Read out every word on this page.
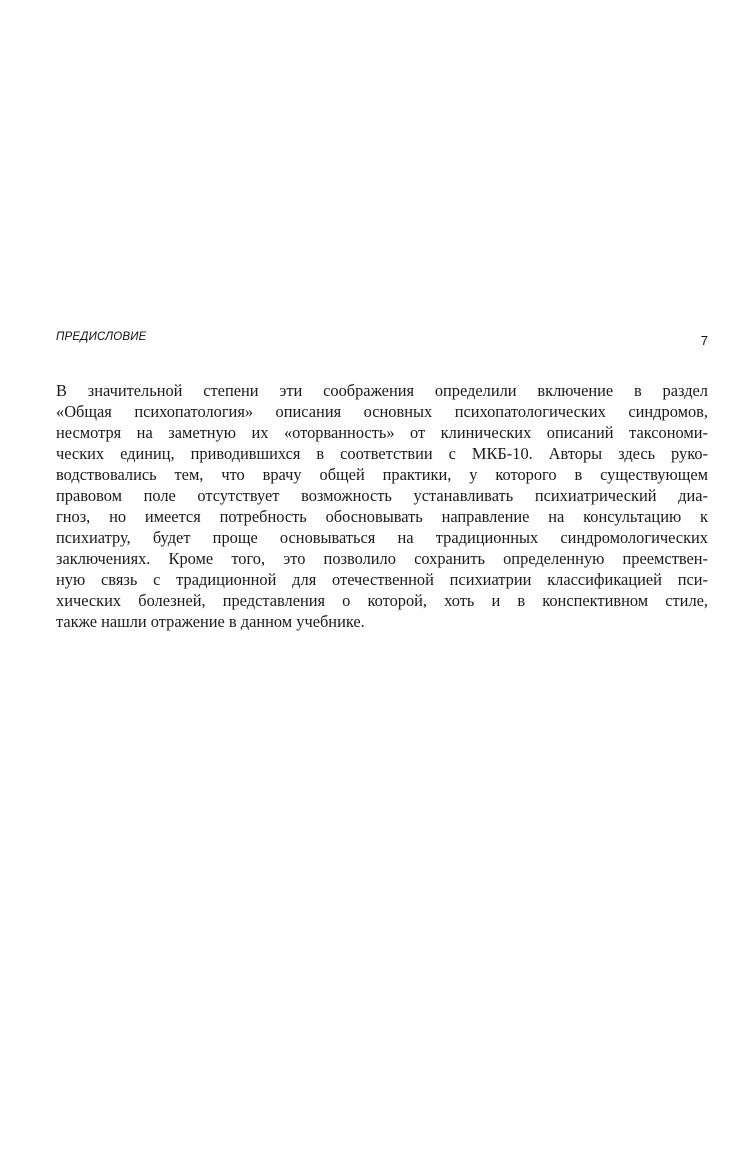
ПРЕДИСЛОВИЕ	7
В значительной степени эти соображения определили включение в раздел
«Общая психопатология» описания основных психопатологических синдромов,
несмотря на заметную их «оторванность» от клинических описаний таксономи-
ческих единиц, приводившихся в соответствии с МКБ-10. Авторы здесь руко-
водствовались тем, что врачу общей практики, у которого в существующем
правовом поле отсутствует возможность устанавливать психиатрический диа-
гноз, но имеется потребность обосновывать направление на консультацию к
психиатру, будет проще основываться на традиционных синдромологических
заключениях. Кроме того, это позволило сохранить определенную преемствен-
ную связь с традиционной для отечественной психиатрии классификацией пси-
хических болезней, представления о которой, хоть и в конспективном стиле,
также нашли отражение в данном учебнике.
